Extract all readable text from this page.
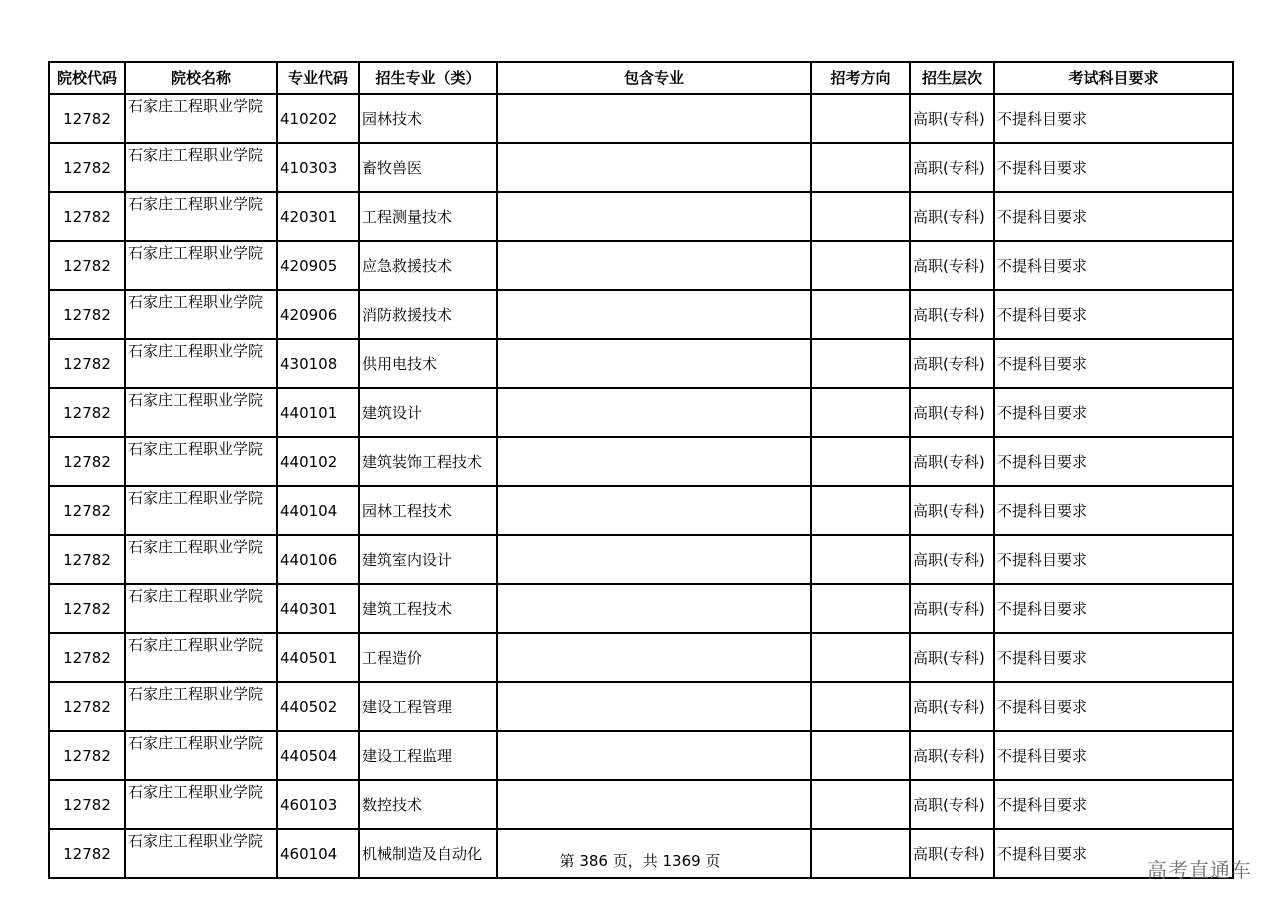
院校代码	院校名称	专业代码	招生专业（类）	包含专业	招考方向	招生层次	考试科目要求
12782	石家庄工程职业学院	410202	园林技术			高职(专科)	不提科目要求
12782	石家庄工程职业学院	410303	畜牧兽医			高职(专科)	不提科目要求
12782	石家庄工程职业学院	420301	工程测量技术			高职(专科)	不提科目要求
12782	石家庄工程职业学院	420905	应急救援技术			高职(专科)	不提科目要求
12782	石家庄工程职业学院	420906	消防救援技术			高职(专科)	不提科目要求
12782	石家庄工程职业学院	430108	供用电技术			高职(专科)	不提科目要求
12782	石家庄工程职业学院	440101	建筑设计			高职(专科)	不提科目要求
12782	石家庄工程职业学院	440102	建筑装饰工程技术			高职(专科)	不提科目要求
12782	石家庄工程职业学院	440104	园林工程技术			高职(专科)	不提科目要求
12782	石家庄工程职业学院	440106	建筑室内设计			高职(专科)	不提科目要求
12782	石家庄工程职业学院	440301	建筑工程技术			高职(专科)	不提科目要求
12782	石家庄工程职业学院	440501	工程造价			高职(专科)	不提科目要求
12782	石家庄工程职业学院	440502	建设工程管理			高职(专科)	不提科目要求
12782	石家庄工程职业学院	440504	建设工程监理			高职(专科)	不提科目要求
12782	石家庄工程职业学院	460103	数控技术			高职(专科)	不提科目要求
12782	石家庄工程职业学院	460104	机械制造及自动化			高职(专科)	不提科目要求
第 386 页，共 1369 页	高考直通车
